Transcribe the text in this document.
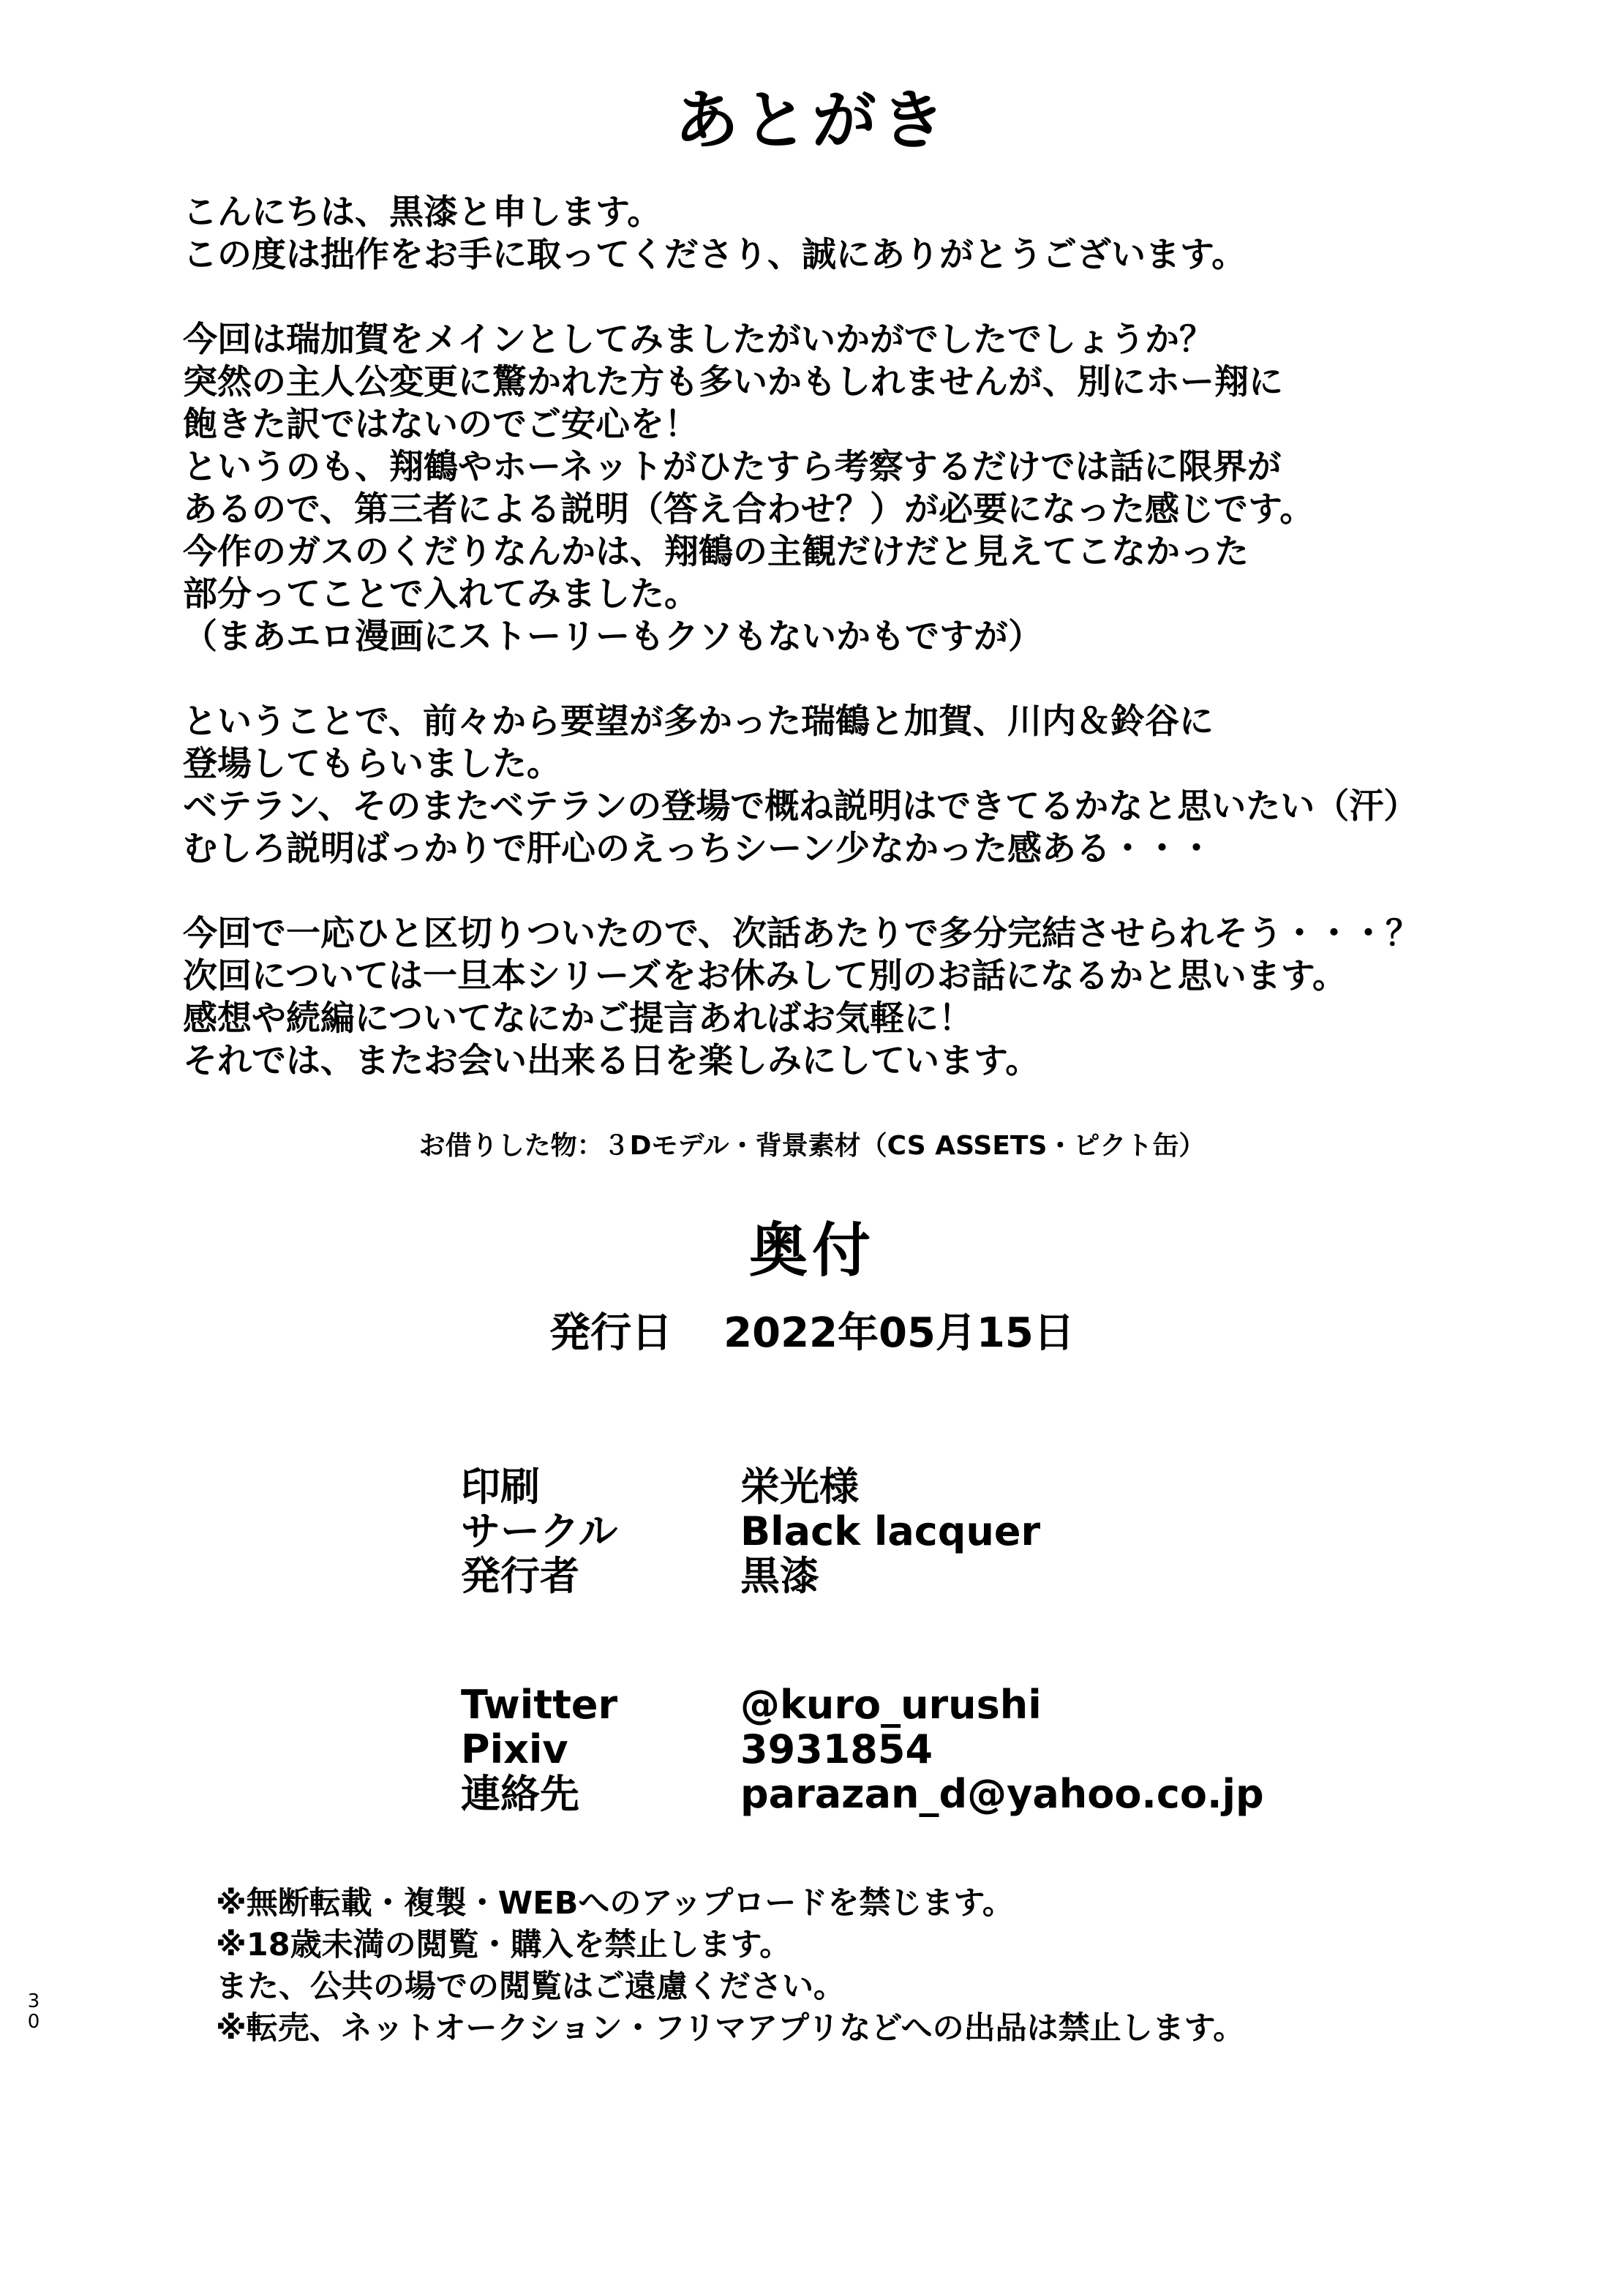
あとがき
こんにちは、黒漆と申します。
この度は拙作をお手に取ってくださり、誠にありがとうございます。
今回は瑞加賀をメインとしてみましたがいかがでしたでしょうか？
突然の主人公変更に驚かれた方も多いかもしれませんが、別にホー翔に
飽きた訳ではないのでご安心を！
というのも、翔鶴やホーネットがひたすら考察するだけでは話に限界が
あるので、第三者による説明（答え合わせ？）が必要になった感じです。
今作のガスのくだりなんかは、翔鶴の主観だけだと見えてこなかった
部分ってことで入れてみました。
（まあエロ漫画にストーリーもクソもないかもですが）
ということで、前々から要望が多かった瑞鶴と加賀、川内＆鈴谷に
登場してもらいました。
ベテラン、そのまたベテランの登場で概ね説明はできてるかなと思いたい（汗）
むしろ説明ばっかりで肝心のえっちシーン少なかった感ある・・・
今回で一応ひと区切りついたので、次話あたりで多分完結させられそう・・・？
次回については一旦本シリーズをお休みして別のお話になるかと思います。
感想や続編についてなにかご提言あればお気軽に！
それでは、またお会い出来る日を楽しみにしています。
お借りした物：３Dモデル・背景素材（CS ASSETS・ピクト缶）
奥付
発行日 2022年05月15日
印刷	栄光様
サークル	Black lacquer
発行者	黒漆
Twitter	@kuro_urushi
Pixiv	3931854
連絡先	parazan_d@yahoo.co.jp
※無断転載・複製・WEBへのアップロードを禁じます。
※18歳未満の閲覧・購入を禁止します。
また、公共の場での閲覧はご遠慮ください。
※転売、ネットオークション・フリマアプリなどへの出品は禁止します。
3
0
